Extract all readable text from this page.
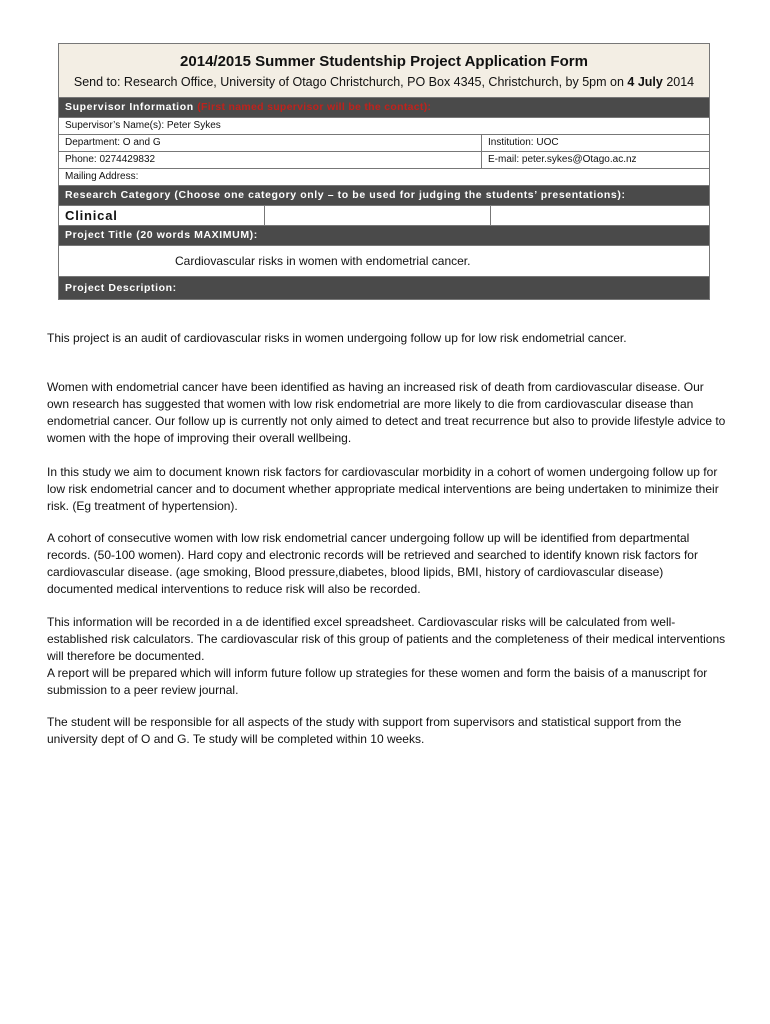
2014/2015 Summer Studentship Project Application Form
Send to: Research Office, University of Otago Christchurch, PO Box 4345, Christchurch, by 5pm on 4 July 2014
Supervisor Information (First named supervisor will be the contact):
Supervisor’s Name(s): Peter Sykes
Department: O and G	Institution: UOC
Phone: 0274429832	E-mail: peter.sykes@Otago.ac.nz
Mailing Address:
Research Category (Choose one category only – to be used for judging the students’ presentations):
Clinical
Project Title (20 words MAXIMUM):
Cardiovascular risks in women with endometrial cancer.
Project Description:

This project is an audit of cardiovascular risks in women undergoing follow up for low risk endometrial cancer.

Women with endometrial cancer have been identified as having an increased risk of death from cardiovascular disease. Our own research has suggested that women with low risk endometrial are more likely to die from cardiovascular disease than endometrial cancer. Our follow up is currently not only aimed to detect and treat recurrence but also to provide lifestyle advice to women with the hope of improving their overall wellbeing.

In this study we aim to document known risk factors for cardiovascular morbidity in a cohort of women undergoing follow up for low risk endometrial cancer and to document whether appropriate medical interventions are being undertaken to minimize their risk. (Eg treatment of hypertension).

A cohort of consecutive women with low risk endometrial cancer undergoing follow up will be identified from departmental records. (50-100 women). Hard copy and electronic records will be retrieved and searched to identify known risk factors for cardiovascular disease. (age smoking, Blood pressure,diabetes, blood lipids, BMI, history of cardiovascular disease) documented medical interventions to reduce risk will also be recorded.

This information will be recorded in a de identified excel spreadsheet. Cardiovascular risks will be calculated from well-established risk calculators. The cardiovascular risk of this group of patients and the completeness of their medical interventions will therefore be documented.

A report will be prepared which will inform future follow up strategies for these women and form the baisis of a manuscript for submission to a peer review journal.

The student will be responsible for all aspects of the study with support from supervisors and statistical support from the university dept of O and G. Te study will be completed within 10 weeks.
